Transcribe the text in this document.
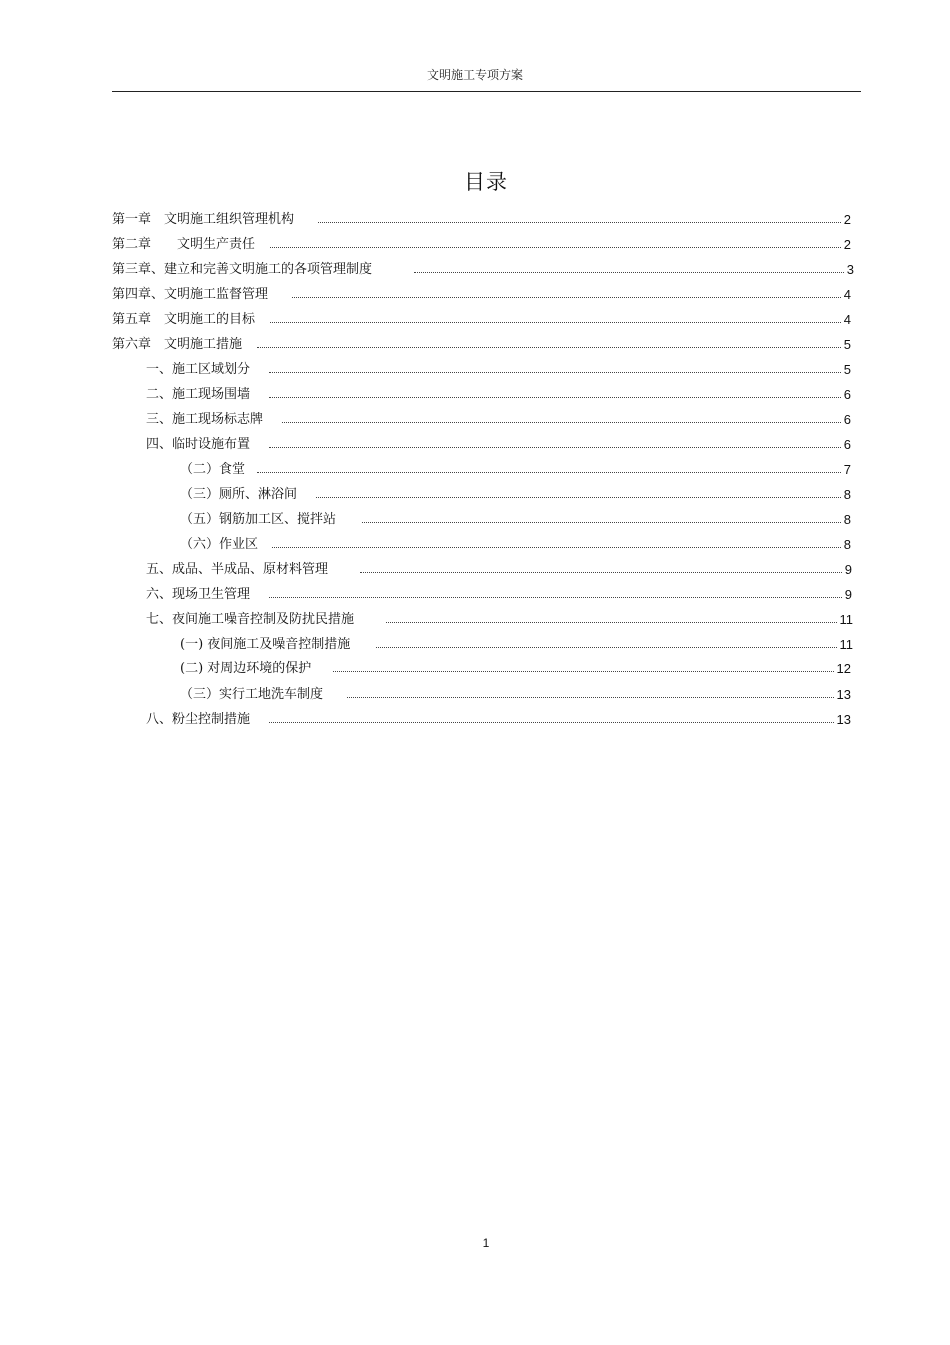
文明施工专项方案
目录
第一章　文明施工组织管理机构	2
第二章　　文明生产责任	2
第三章、建立和完善文明施工的各项管理制度	3
第四章、文明施工监督管理	4
第五章　文明施工的目标	4
第六章　文明施工措施	5
一、施工区域划分	5
二、施工现场围墙	6
三、施工现场标志牌	6
四、临时设施布置	6
（二）食堂	7
（三）厕所、淋浴间	8
（五）钢筋加工区、搅拌站	8
（六）作业区	8
五、成品、半成品、原材料管理	9
六、现场卫生管理	9
七、夜间施工噪音控制及防扰民措施	11
(一) 夜间施工及噪音控制措施	11
(二) 对周边环境的保护	12
（三）实行工地洗车制度	13
八、粉尘控制措施	13
1
